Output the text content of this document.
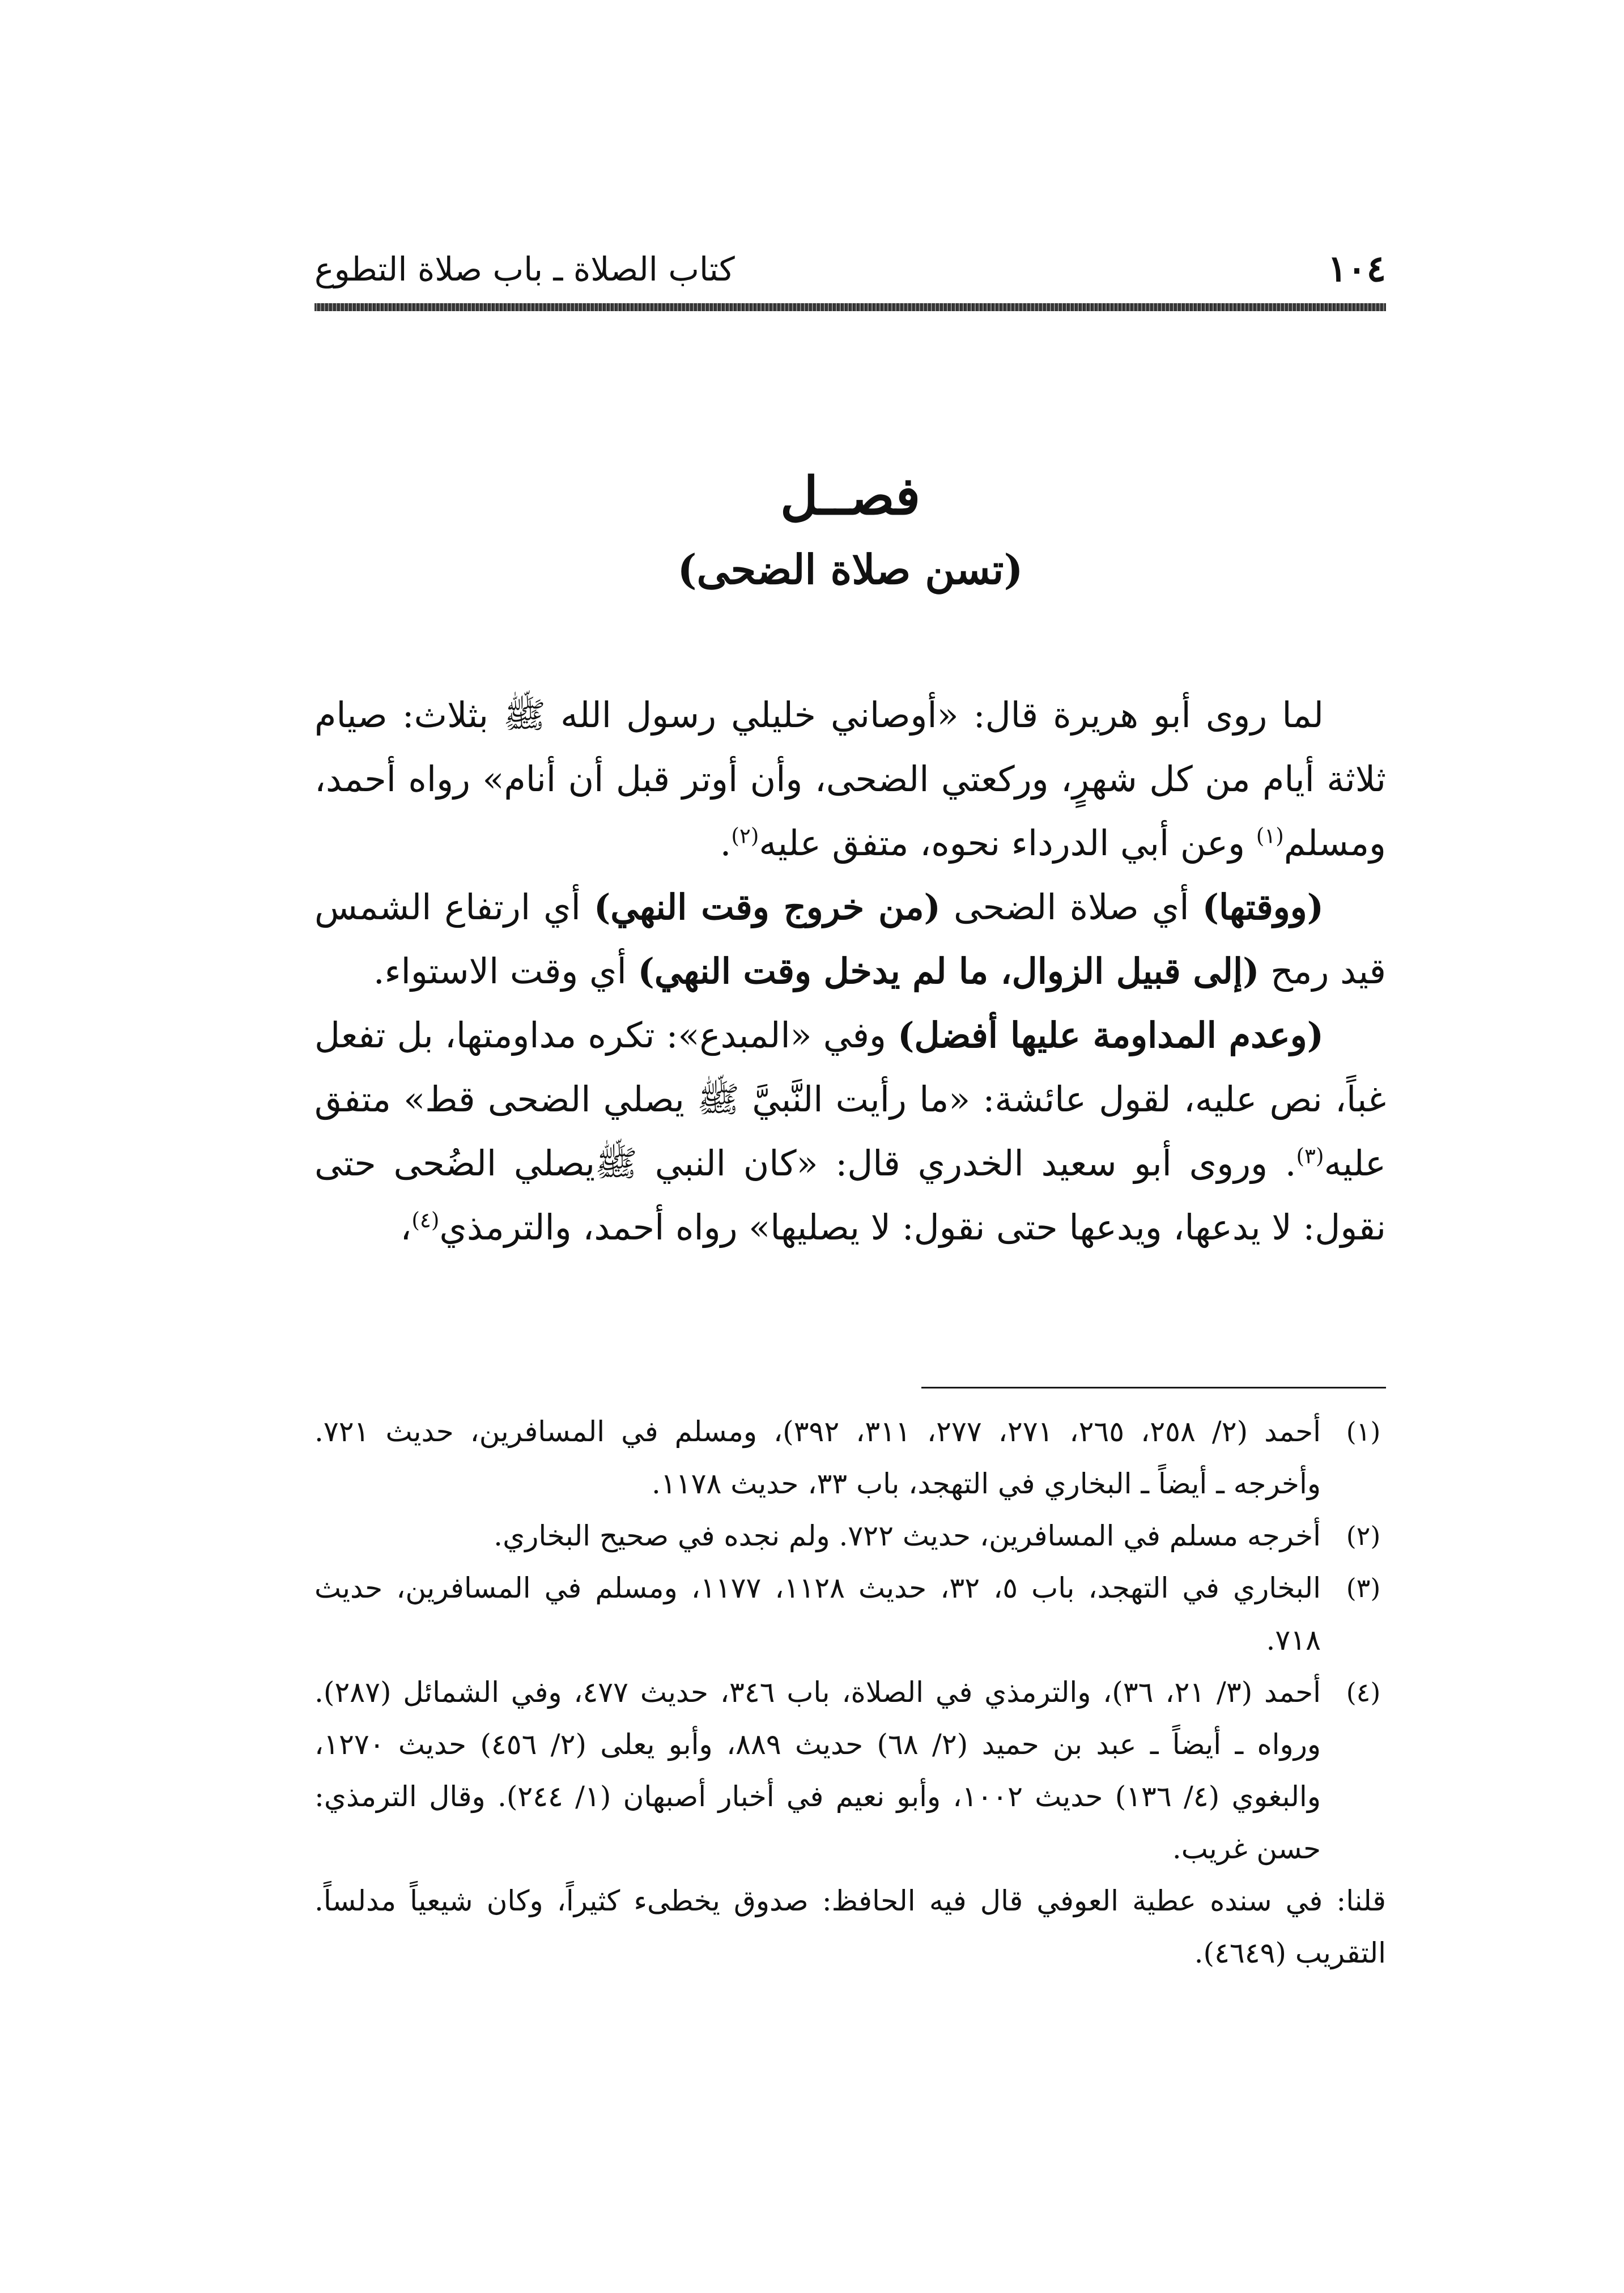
١٠٤
كتاب الصلاة ـ باب صلاة التطوع
فصــل
(تسن صلاة الضحى)

لما روى أبو هريرة قال: «أوصاني خليلي رسول الله ﷺ بثلاث: صيام ثلاثة أيام من كل شهرٍ، وركعتي الضحى، وأن أوتر قبل أن أنام» رواه أحمد، ومسلم$^{(١)}$ وعن أبي الدرداء نحوه، متفق عليه$^{(٢)}$.

(ووقتها) أي صلاة الضحى (من خروج وقت النهي) أي ارتفاع الشمس قيد رمح (إلى قبيل الزوال، ما لم يدخل وقت النهي) أي وقت الاستواء.

(وعدم المداومة عليها أفضل) وفي «المبدع»: تكره مداومتها، بل تفعل غباً، نص عليه، لقول عائشة: «ما رأيت النَّبيَّ ﷺ يصلي الضحى قط» متفق عليه$^{(٣)}$. وروى أبو سعيد الخدري قال: «كان النبي ﷺيصلي الضُحى حتى نقول: لا يدعها، ويدعها حتى نقول: لا يصليها» رواه أحمد، والترمذي$^{(٤)}$،

(١)
أحمد (٢/ ٢٥٨، ٢٦٥، ٢٧١، ٢٧٧، ٣١١، ٣٩٢)، ومسلم في المسافرين، حديث ٧٢١. وأخرجه ـ أيضاً ـ البخاري في التهجد، باب ٣٣، حديث ١١٧٨.
(٢)
أخرجه مسلم في المسافرين، حديث ٧٢٢. ولم نجده في صحيح البخاري.
(٣)
البخاري في التهجد، باب ٥، ٣٢، حديث ١١٢٨، ١١٧٧، ومسلم في المسافرين، حديث ٧١٨.
(٤)
أحمد (٣/ ٢١، ٣٦)، والترمذي في الصلاة، باب ٣٤٦، حديث ٤٧٧، وفي الشمائل (٢٨٧). ورواه ـ أيضاً ـ عبد بن حميد (٢/ ٦٨) حديث ٨٨٩، وأبو يعلى (٢/ ٤٥٦) حديث ١٢٧٠، والبغوي (٤/ ١٣٦) حديث ١٠٠٢، وأبو نعيم في أخبار أصبهان (١/ ٢٤٤). وقال الترمذي: حسن غريب.
قلنا: في سنده عطية العوفي قال فيه الحافظ: صدوق يخطىء كثيراً، وكان شيعياً مدلساً. التقريب (٤٦٤٩).
